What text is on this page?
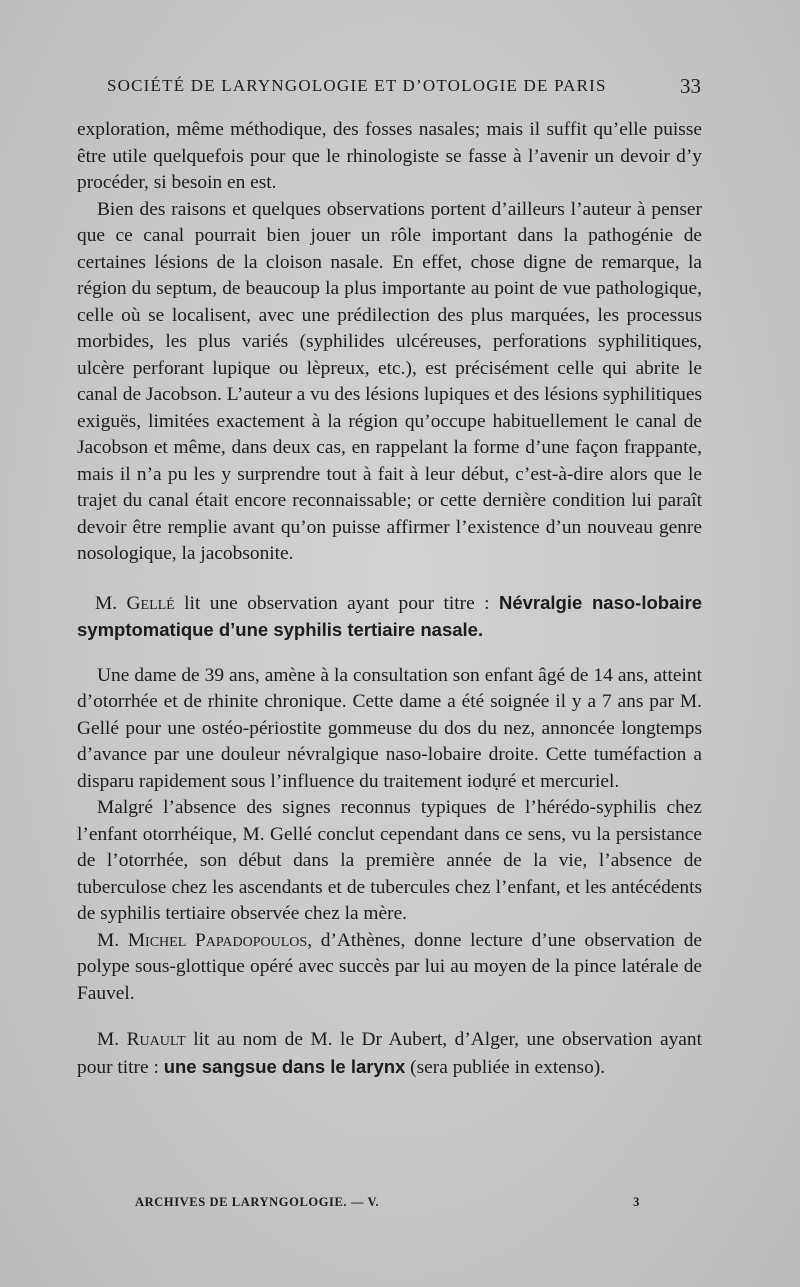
SOCIÉTÉ DE LARYNGOLOGIE ET D’OTOLOGIE DE PARIS	33

exploration, même méthodique, des fosses nasales; mais il suffit qu’elle puisse être utile quelquefois pour que le rhinologiste se fasse à l’avenir un devoir d’y procéder, si besoin en est.

Bien des raisons et quelques observations portent d’ailleurs l’auteur à penser que ce canal pourrait bien jouer un rôle important dans la pathogénie de certaines lésions de la cloison nasale. En effet, chose digne de remarque, la région du septum, de beaucoup la plus importante au point de vue pathologique, celle où se localisent, avec une prédilection des plus marquées, les processus morbides, les plus variés (syphilides ulcéreuses, perforations syphilitiques, ulcère perforant lupique ou lèpreux, etc.), est précisément celle qui abrite le canal de Jacobson. L’auteur a vu des lésions lupiques et des lésions syphilitiques exiguës, limitées exactement à la région qu’occupe habituellement le canal de Jacobson et même, dans deux cas, en rappelant la forme d’une façon frappante, mais il n’a pu les y surprendre tout à fait à leur début, c’est-à-dire alors que le trajet du canal était encore reconnaissable; or cette dernière condition lui paraît devoir être remplie avant qu’on puisse affirmer l’existence d’un nouveau genre nosologique, la jacobsonite.

M. Gellé lit une observation ayant pour titre : Névralgie naso-lobaire symptomatique d’une syphilis tertiaire nasale.

Une dame de 39 ans, amène à la consultation son enfant âgé de 14 ans, atteint d’otorrhée et de rhinite chronique. Cette dame a été soignée il y a 7 ans par M. Gellé pour une ostéo-périostite gommeuse du dos du nez, annoncée longtemps d’avance par une douleur névralgique naso-lobaire droite. Cette tuméfaction a disparu rapidement sous l’influence du traitement iodụré et mercuriel.

Malgré l’absence des signes reconnus typiques de l’hérédo-syphilis chez l’enfant otorrhéique, M. Gellé conclut cependant dans ce sens, vu la persistance de l’otorrhée, son début dans la première année de la vie, l’absence de tuberculose chez les ascendants et de tubercules chez l’enfant, et les antécédents de syphilis tertiaire observée chez la mère.

M. Michel Papadopoulos, d’Athènes, donne lecture d’une observation de polype sous-glottique opéré avec succès par lui au moyen de la pince latérale de Fauvel.

M. Ruault lit au nom de M. le Dr Aubert, d’Alger, une observation ayant pour titre : une sangsue dans le larynx (sera publiée in extenso).

ARCHIVES DE LARYNGOLOGIE. — V.	3
